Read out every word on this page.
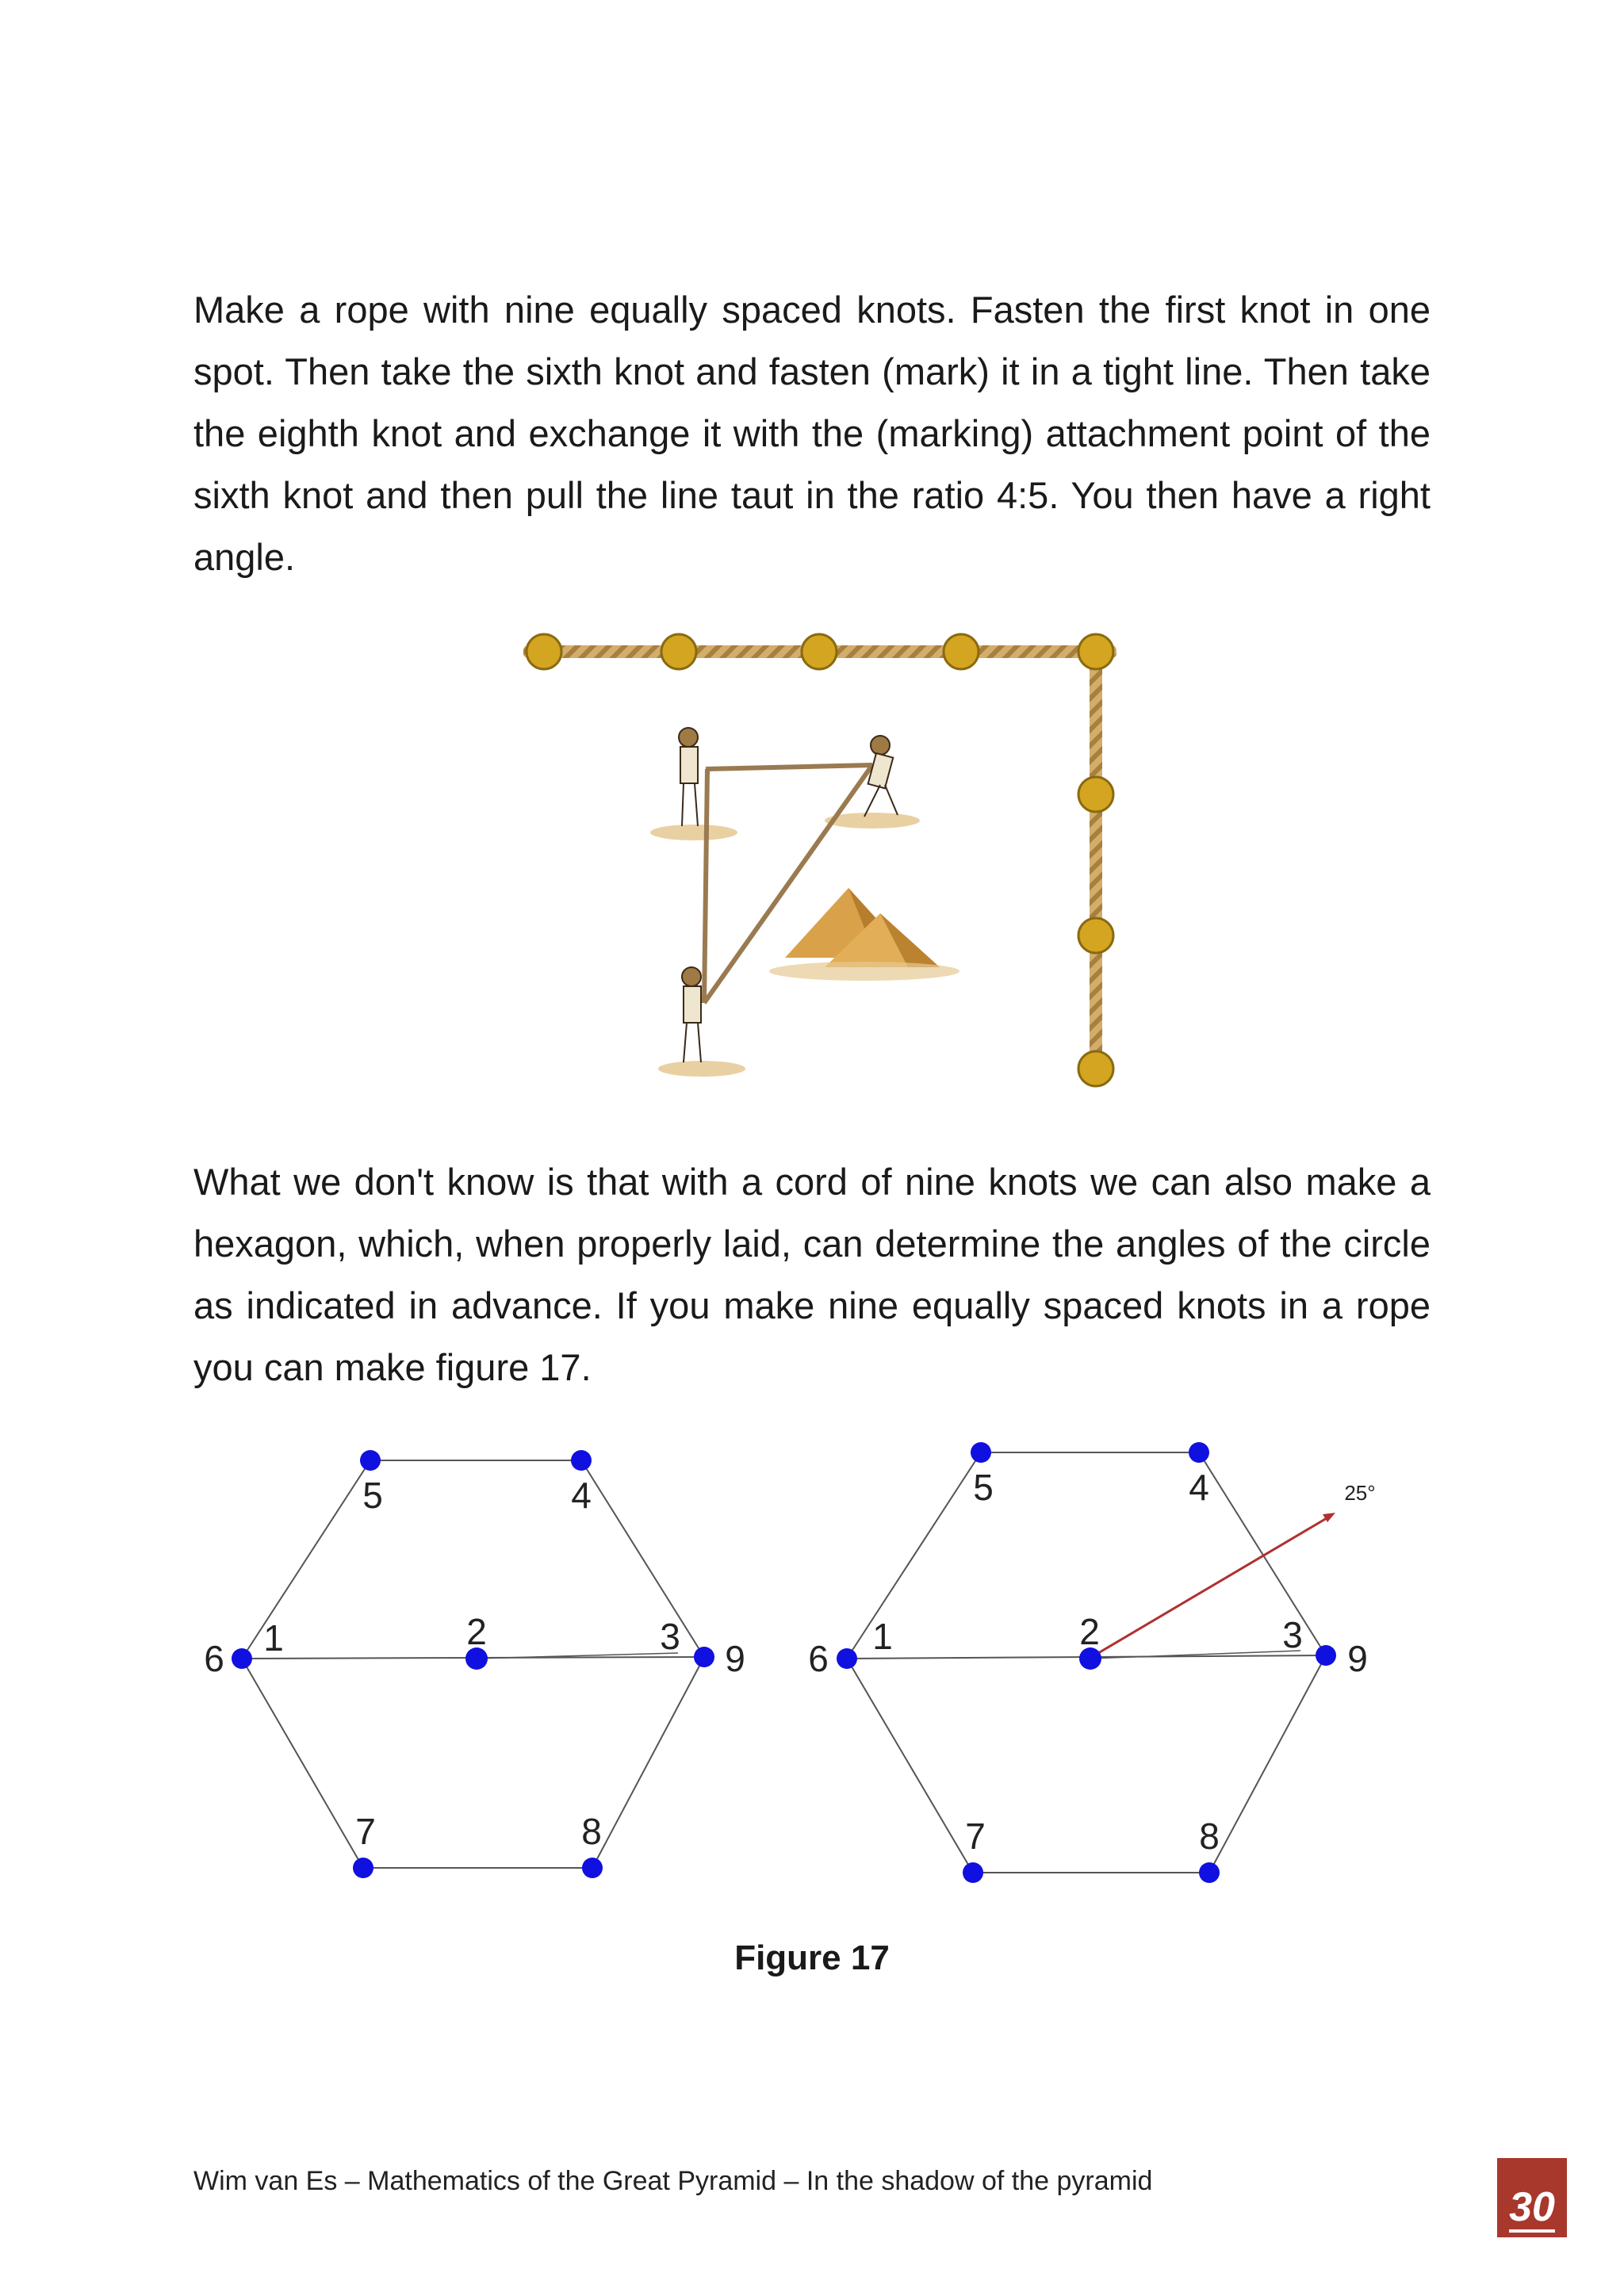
Make a rope with nine equally spaced knots. Fasten the first knot in one spot. Then take the sixth knot and fasten (mark) it in a tight line. Then take the eighth knot and exchange it with the (marking) attachment point of the sixth knot and then pull the line taut in the ratio 4:5. You then have a right angle.

What we don't know is that with a cord of nine knots we can also make a hexagon, which, when properly laid, can determine the angles of the circle as indicated in advance. If you make nine equally spaced knots in a rope you can make figure 17.

5	4
6 1	2	3
9
7	8
5	4
6
1	2	3
9
7	8
25°
Figure 17
Wim van Es – Mathematics of the Great Pyramid – In the shadow of the pyramid
30
